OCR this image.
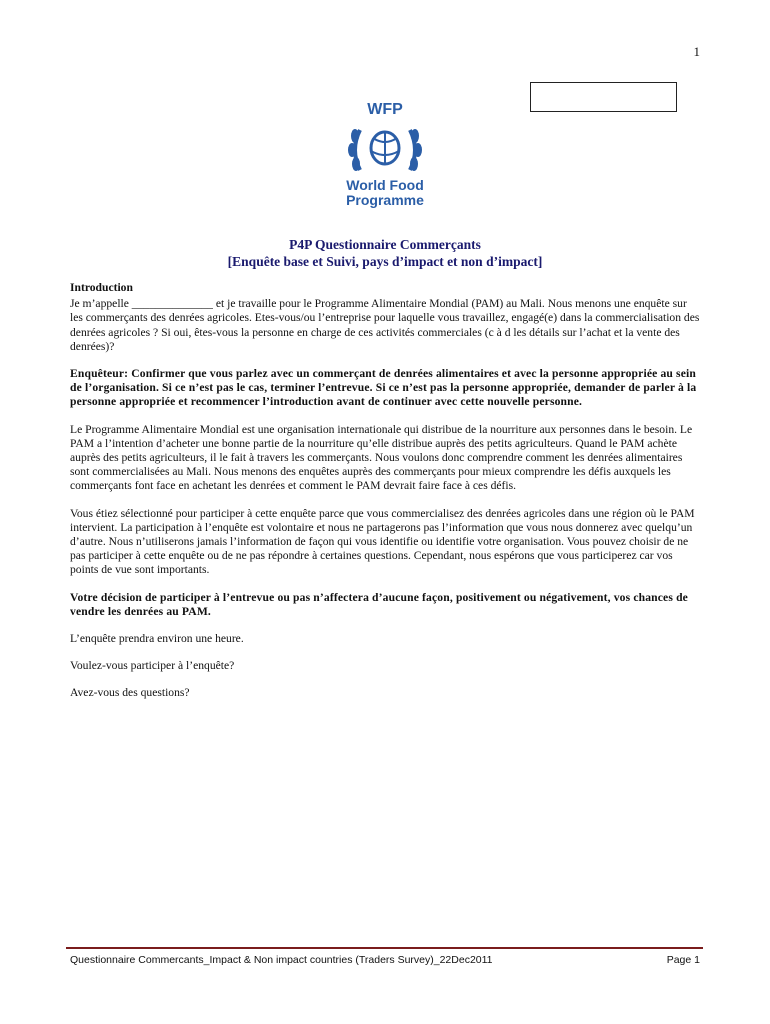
1
WFP
World Food
Programme
P4P Questionnaire Commerçants
[Enquête base et Suivi, pays d’impact et non d’impact]

Introduction

Je m’appelle ______________ et je travaille pour le Programme Alimentaire Mondial (PAM) au Mali. Nous menons une enquête sur les commerçants des denrées agricoles. Etes-vous/ou l’entreprise pour laquelle vous travaillez, engagé(e) dans la commercialisation des denrées agricoles ? Si oui, êtes-vous la personne en charge de ces activités commerciales (c à d les détails sur l’achat et la vente des denrées)?

Enquêteur: Confirmer que vous parlez avec un commerçant de denrées alimentaires et avec la personne appropriée au sein de l’organisation. Si ce n’est pas le cas, terminer l’entrevue. Si ce n’est pas la personne appropriée, demander de parler à la personne appropriée et recommencer l’introduction avant de continuer avec cette nouvelle personne.

Le Programme Alimentaire Mondial est une organisation internationale qui distribue de la nourriture aux personnes dans le besoin. Le PAM a l’intention d’acheter une bonne partie de la nourriture qu’elle distribue auprès des petits agriculteurs. Quand le PAM achète auprès des petits agriculteurs, il le fait à travers les commerçants. Nous voulons donc comprendre comment les denrées alimentaires sont commercialisées au Mali. Nous menons des enquêtes auprès des commerçants pour mieux comprendre les défis auxquels les commerçants font face en achetant les denrées et comment le PAM devrait faire face à ces défis.

Vous étiez sélectionné pour participer à cette enquête parce que vous commercialisez des denrées agricoles dans une région où le PAM intervient. La participation à l’enquête est volontaire et nous ne partagerons pas l’information que vous nous donnerez avec quelqu’un d’autre. Nous n’utiliserons jamais l’information de façon qui vous identifie ou identifie votre organisation. Vous pouvez choisir de ne pas participer à cette enquête ou de ne pas répondre à certaines questions. Cependant, nous espérons que vous participerez car vos points de vue sont importants.

Votre décision de participer à l’entrevue ou pas n’affectera d’aucune façon, positivement ou négativement, vos chances de vendre les denrées au PAM.

L’enquête prendra environ une heure.

Voulez-vous participer à l’enquête?

Avez-vous des questions?

Questionnaire Commercants_Impact & Non impact countries (Traders Survey)_22Dec2011	Page 1
